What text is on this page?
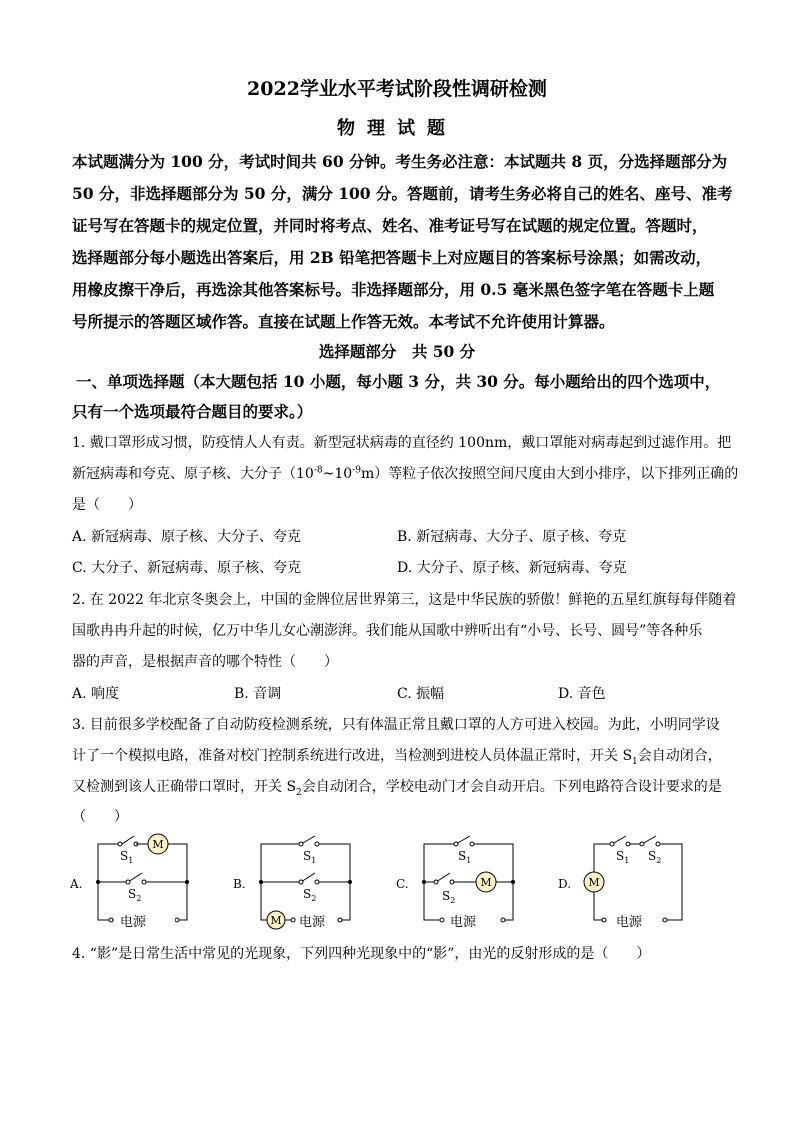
2022学业水平考试阶段性调研检测
物理试题
本试题满分为 100 分，考试时间共 60 分钟。考生务必注意：本试题共 8 页，分选择题部分为
50 分，非选择题部分为 50 分，满分 100 分。答题前，请考生务必将自己的姓名、座号、准考
证号写在答题卡的规定位置，并同时将考点、姓名、准考证号写在试题的规定位置。答题时，
选择题部分每小题选出答案后，用 2B 铅笔把答题卡上对应题目的答案标号涂黑；如需改动，
用橡皮擦干净后，再选涂其他答案标号。非选择题部分，用 0.5 毫米黑色签字笔在答题卡上题
号所提示的答题区域作答。直接在试题上作答无效。本考试不允许使用计算器。
选择题部分　共 50 分
一、单项选择题（本大题包括 10 小题，每小题 3 分，共 30 分。每小题给出的四个选项中，
只有一个选项最符合题目的要求。）
1. 戴口罩形成习惯，防疫情人人有责。新型冠状病毒的直径约 100nm，戴口罩能对病毒起到过滤作用。把
新冠病毒和夸克、原子核、大分子$(10^{-8}\sim 10^{-9}m)$等粒子依次按照空间尺度由大到小排序，以下排列正确的
是（　　）
A. 新冠病毒、原子核、大分子、夸克	B. 新冠病毒、大分子、原子核、夸克
C. 大分子、新冠病毒、原子核、夸克	D. 大分子、原子核、新冠病毒、夸克
2. 在 2022 年北京冬奥会上，中国的金牌位居世界第三，这是中华民族的骄傲！鲜艳的五星红旗每每伴随着
国歌冉冉升起的时候，亿万中华儿女心潮澎湃。我们能从国歌中辨听出有“小号、长号、圆号”等各种乐
器的声音，是根据声音的哪个特性（　　）
A. 响度	B. 音调	C. 振幅	D. 音色
3. 目前很多学校配备了自动防疫检测系统，只有体温正常且戴口罩的人方可进入校园。为此，小明同学设
计了一个模拟电路，准备对校门控制系统进行改进，当检测到进校人员体温正常时，开关 $S_1$会自动闭合，
又检测到该人正确带口罩时，开关 $S_2$会自动闭合，学校电动门才会自动开启。下列电路符合设计要求的是
（　　）
A.
M
$S_1$
$S_2$
电源
B.
$S_1$
$S_2$
M 电源
C.	M
$S_1$
$S_2$
电源
D. M
$S_1$ $S_2$
电源
4. “影”是日常生活中常见的光现象，下列四种光现象中的“影”，由光的反射形成的是（　　）
